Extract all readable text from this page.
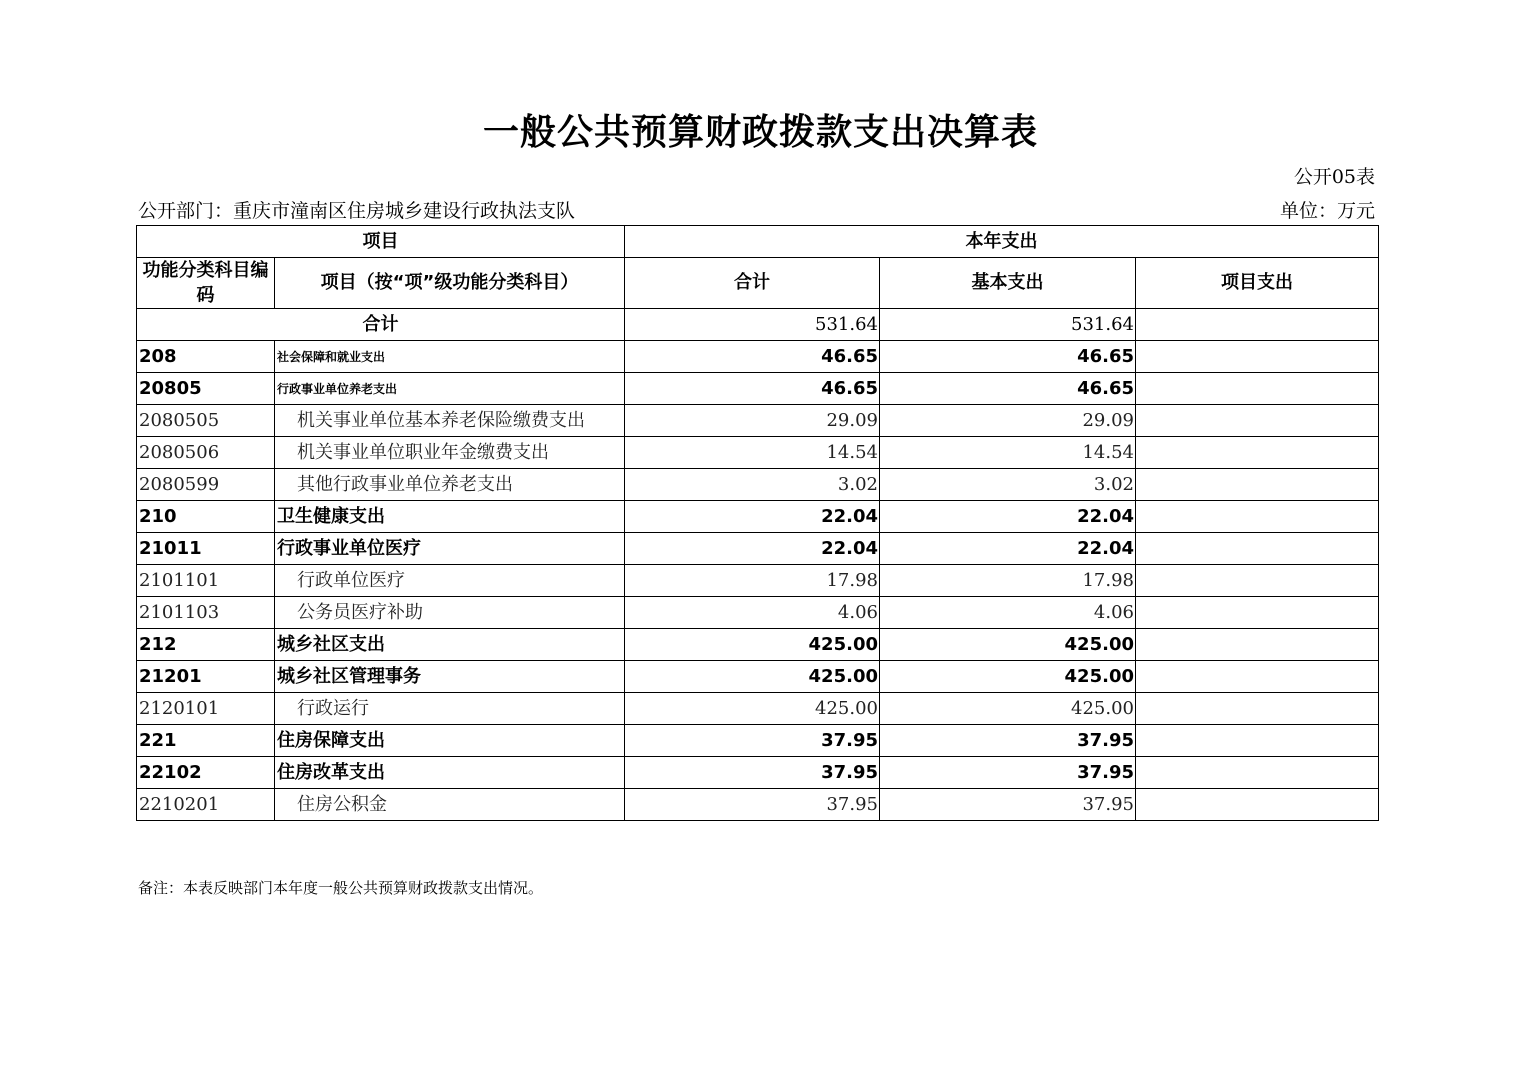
一般公共预算财政拨款支出决算表
公开05表
公开部门：重庆市潼南区住房城乡建设行政执法支队	单位：万元
项目		本年支出		
功能分类科目编码	项目（按“项”级功能分类科目）	合计	基本支出	项目支出
合计		531.64	531.64	
208	社会保障和就业支出	46.65	46.65	
20805	行政事业单位养老支出	46.65	46.65	
2080505	机关事业单位基本养老保险缴费支出	29.09	29.09	
2080506	机关事业单位职业年金缴费支出	14.54	14.54	
2080599	其他行政事业单位养老支出	3.02	3.02	
210	卫生健康支出	22.04	22.04	
21011	行政事业单位医疗	22.04	22.04	
2101101	行政单位医疗	17.98	17.98	
2101103	公务员医疗补助	4.06	4.06	
212	城乡社区支出	425.00	425.00	
21201	城乡社区管理事务	425.00	425.00	
2120101	行政运行	425.00	425.00	
221	住房保障支出	37.95	37.95	
22102	住房改革支出	37.95	37.95	
2210201	住房公积金	37.95	37.95	
备注：本表反映部门本年度一般公共预算财政拨款支出情况。
